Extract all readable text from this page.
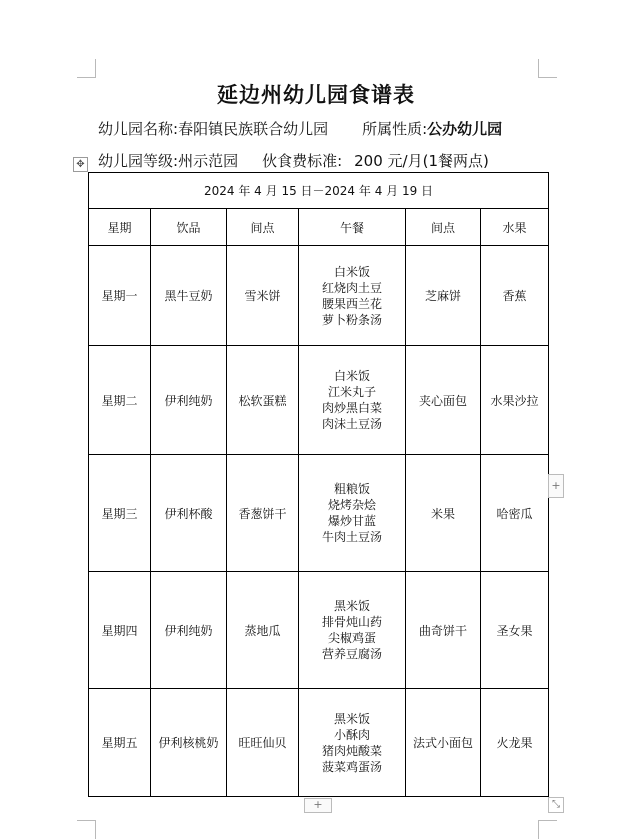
延边州幼儿园食谱表
幼儿园名称:春阳镇民族联合幼儿园 所属性质:公办幼儿园
幼儿园等级:州示范园 伙食费标准: 200 元/月(1餐两点)
✥
2024 年 4 月 15 日－2024 年 4 月 19 日					
星期	饮品	间点	午餐	间点	水果
星期一	黑牛豆奶	雪米饼	白米饭
红烧肉土豆
腰果西兰花
萝卜粉条汤	芝麻饼	香蕉
星期二	伊利纯奶	松软蛋糕	白米饭
江米丸子
肉炒黑白菜
肉沫土豆汤	夹心面包	水果沙拉
星期三	伊利杯酸	香葱饼干	粗粮饭
烧烤杂烩
爆炒甘蓝
牛肉土豆汤	米果	哈密瓜
星期四	伊利纯奶	蒸地瓜	黑米饭
排骨炖山药
尖椒鸡蛋
营养豆腐汤	曲奇饼干	圣女果
星期五	伊利核桃奶	旺旺仙贝	黑米饭
小酥肉
猪肉炖酸菜
菠菜鸡蛋汤	法式小面包	火龙果
+
+	⤡
